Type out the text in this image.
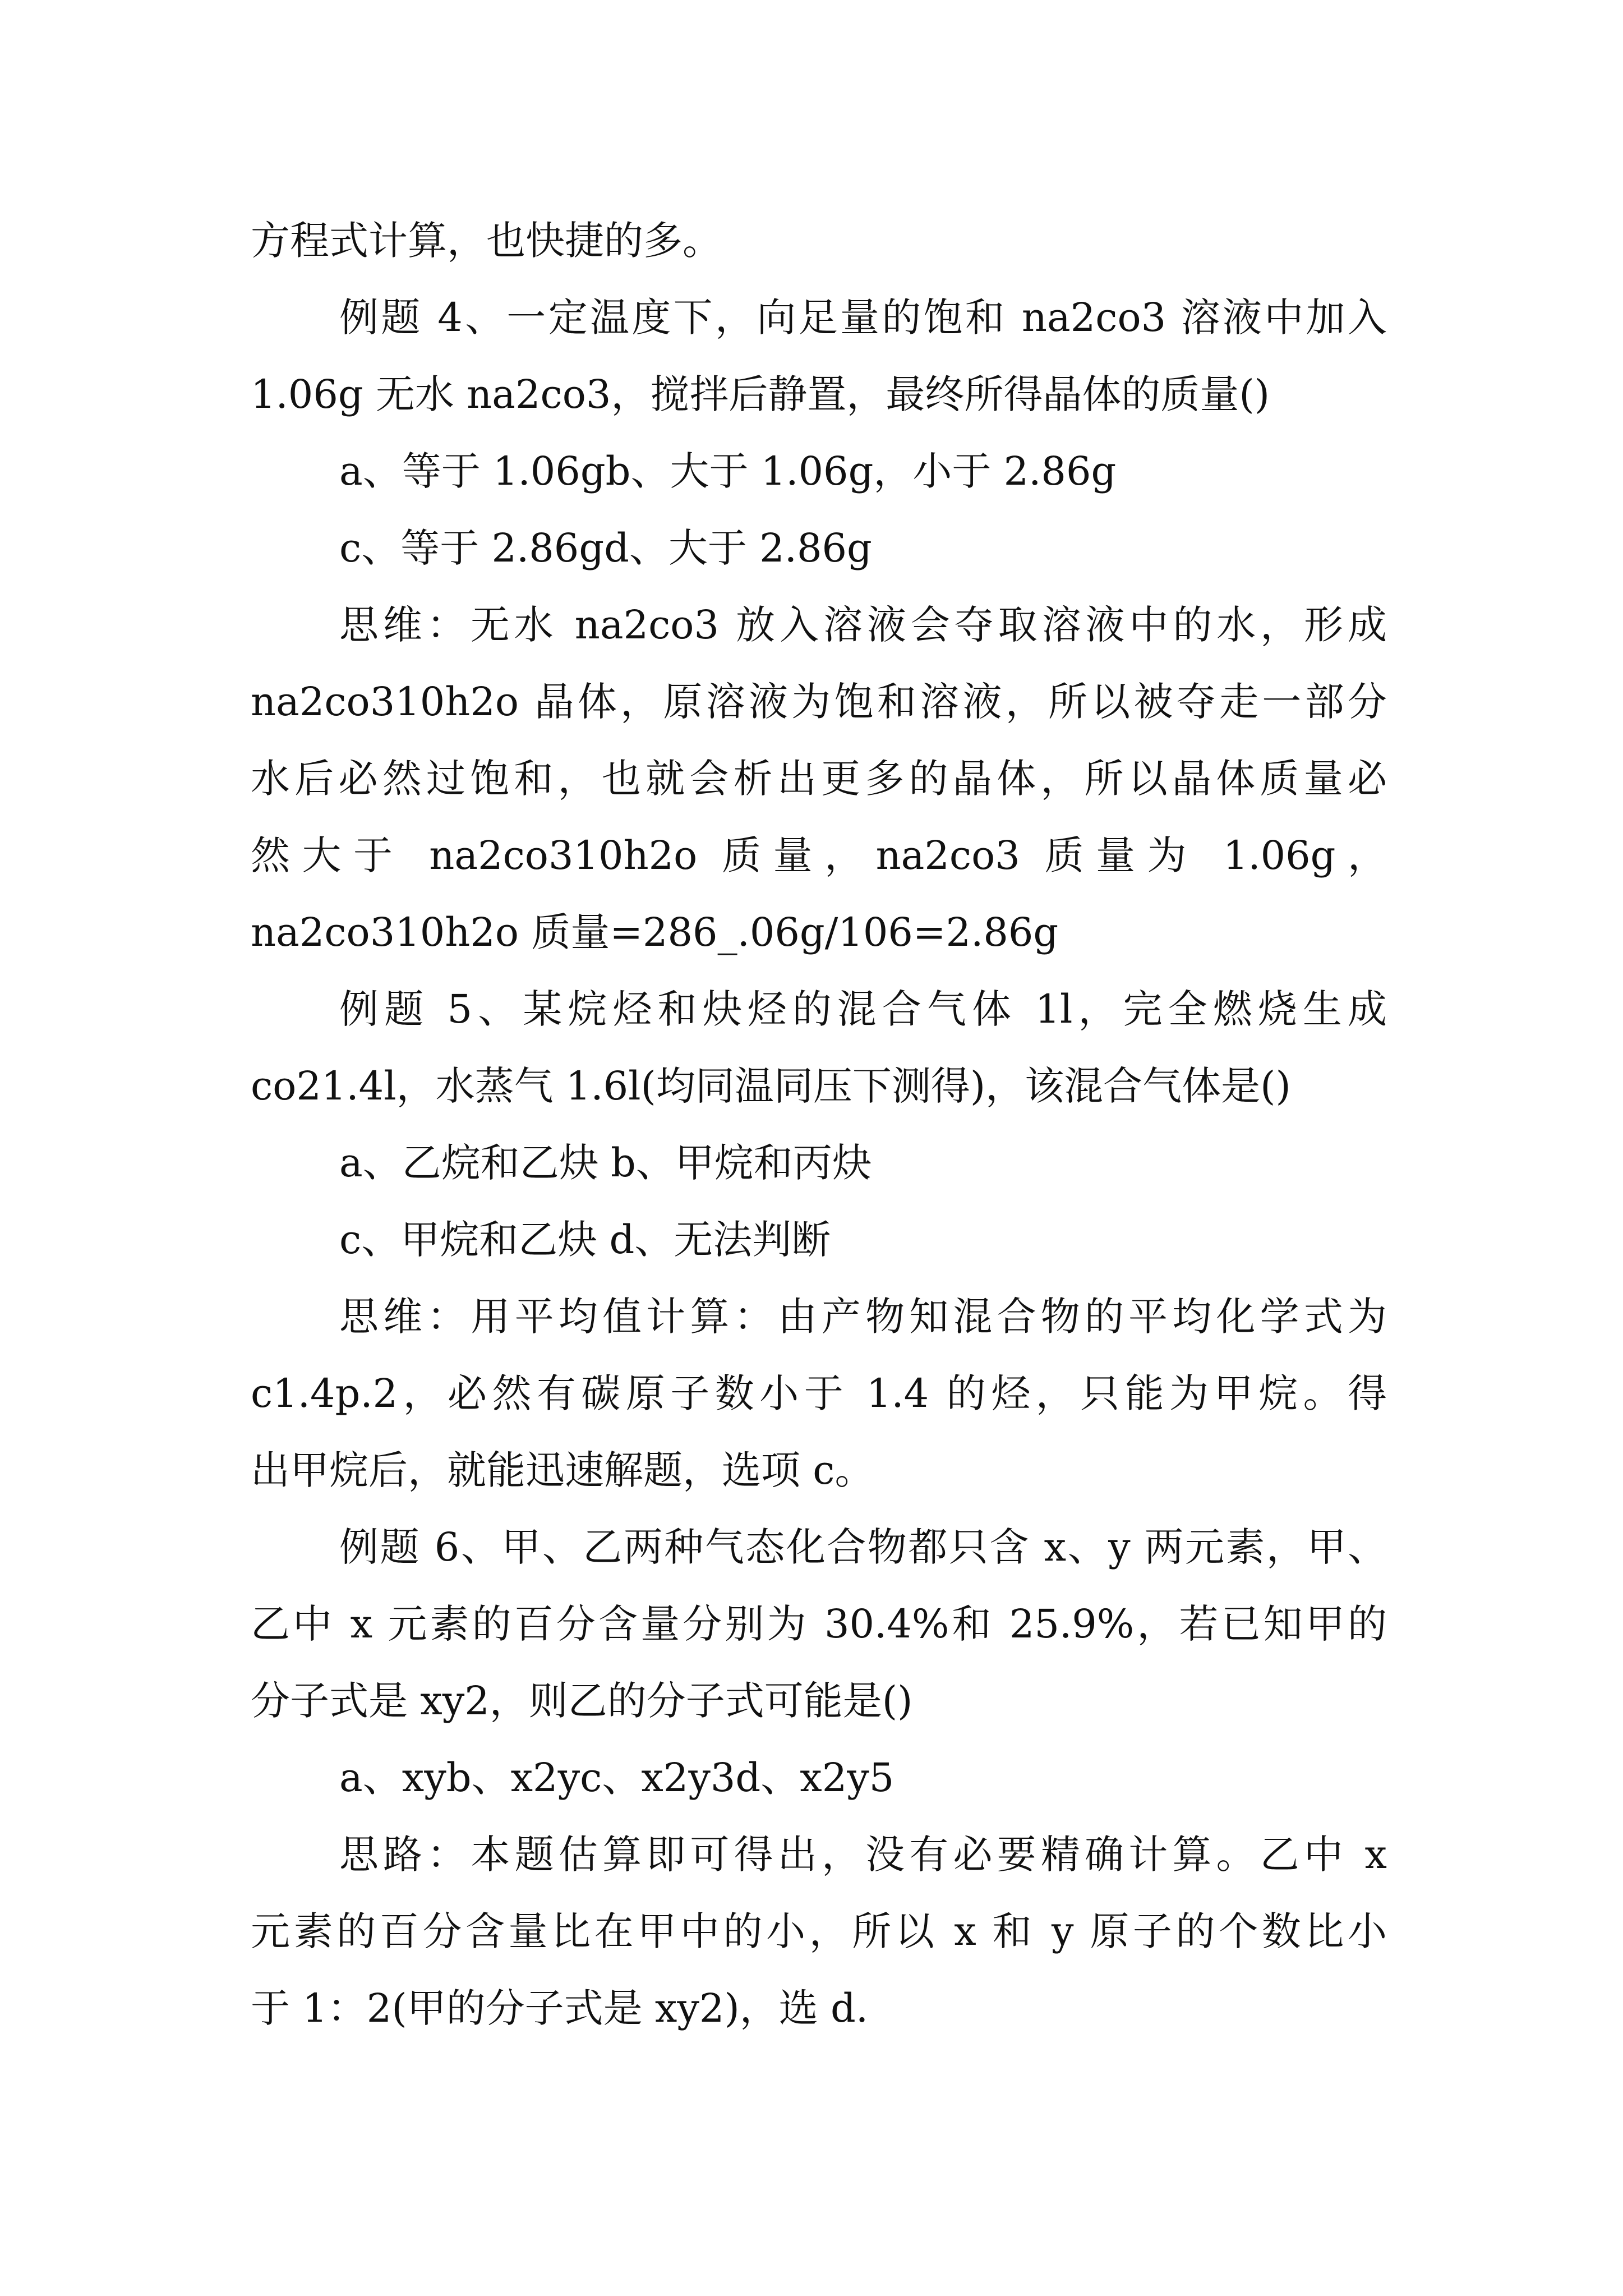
方程式计算，也快捷的多。
例题 4、一定温度下，向足量的饱和 na2co3 溶液中加入
1.06g 无水 na2co3，搅拌后静置，最终所得晶体的质量()
a、等于 1.06gb、大于 1.06g，小于 2.86g
c、等于 2.86gd、大于 2.86g
思维：无水 na2co3 放入溶液会夺取溶液中的水，形成
na2co310h2o 晶体，原溶液为饱和溶液，所以被夺走一部分
水后必然过饱和，也就会析出更多的晶体，所以晶体质量必
然大于 na2co310h2o 质量，na2co3 质量为 1.06g，
na2co310h2o 质量=286_.06g/106=2.86g
例题 5、某烷烃和炔烃的混合气体 1l，完全燃烧生成
co21.4l，水蒸气 1.6l(均同温同压下测得)，该混合气体是()
a、乙烷和乙炔 b、甲烷和丙炔
c、甲烷和乙炔 d、无法判断
思维：用平均值计算：由产物知混合物的平均化学式为
c1.4p.2，必然有碳原子数小于 1.4 的烃，只能为甲烷。得
出甲烷后，就能迅速解题，选项 c。
例题 6、甲、乙两种气态化合物都只含 x、y 两元素，甲、
乙中 x 元素的百分含量分别为 30.4%和 25.9%，若已知甲的
分子式是 xy2，则乙的分子式可能是()
a、xyb、x2yc、x2y3d、x2y5
思路：本题估算即可得出，没有必要精确计算。乙中 x
元素的百分含量比在甲中的小，所以 x 和 y 原子的个数比小
于 1：2(甲的分子式是 xy2)，选 d.
